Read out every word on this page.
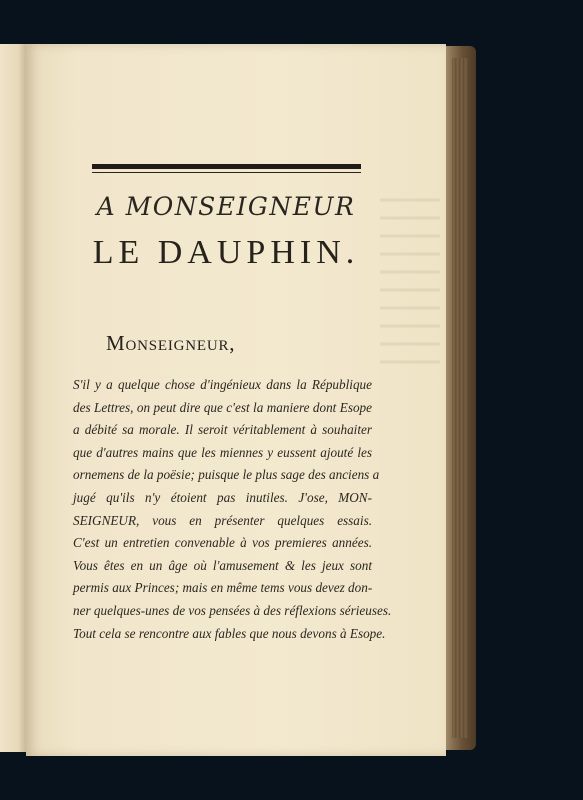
A MONSEIGNEUR
LE DAUPHIN.
Monseigneur,
S'il y a quelque chose d'ingénieux dans la République
des Lettres, on peut dire que c'est la maniere dont Esope
a débité sa morale. Il seroit véritablement à souhaiter
que d'autres mains que les miennes y eussent ajouté les
ornemens de la poësie; puisque le plus sage des anciens a
jugé qu'ils n'y étoient pas inutiles. J'ose, MON-
SEIGNEUR, vous en présenter quelques essais.
C'est un entretien convenable à vos premieres années.
Vous êtes en un âge où l'amusement & les jeux sont
permis aux Princes; mais en même tems vous devez don-
ner quelques-unes de vos pensées à des réflexions sérieuses.
Tout cela se rencontre aux fables que nous devons à Esope.
